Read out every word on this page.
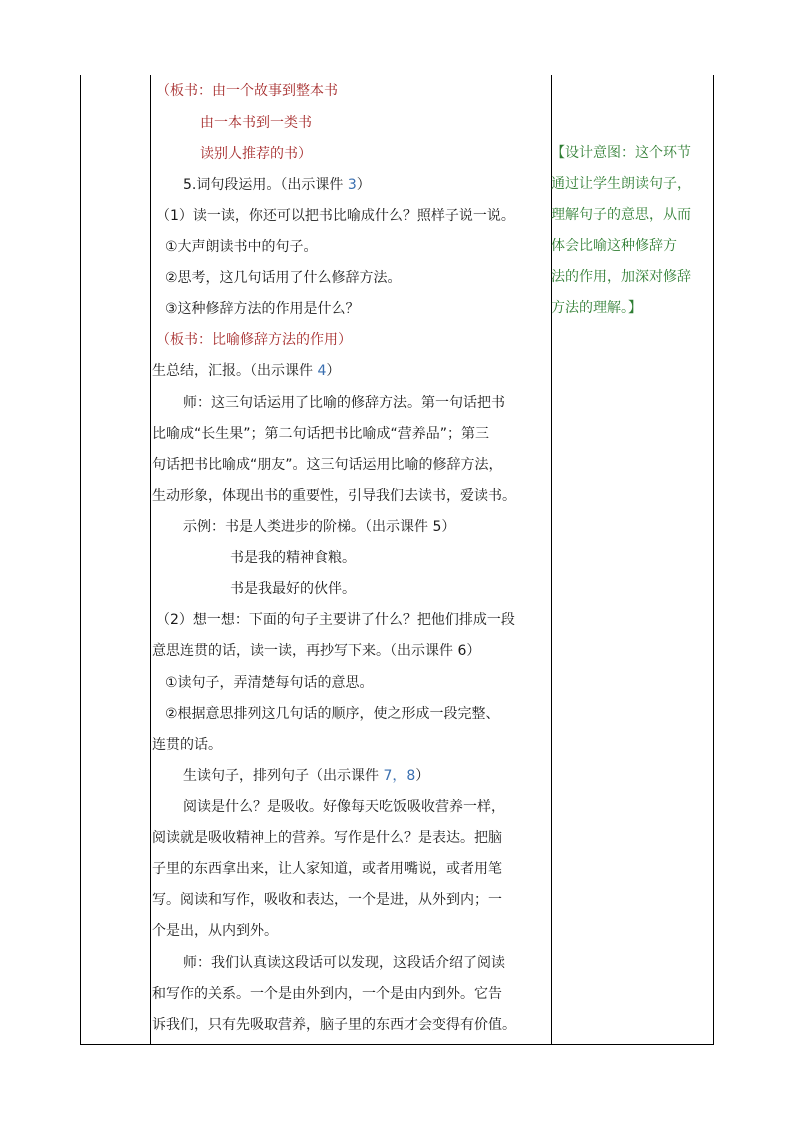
（板书：由一个故事到整本书
由一本书到一类书
读别人推荐的书）
5.词句段运用。（出示课件 3）
（1）读一读，你还可以把书比喻成什么？照样子说一说。
①大声朗读书中的句子。
②思考，这几句话用了什么修辞方法。
③这种修辞方法的作用是什么？
（板书：比喻修辞方法的作用）
生总结，汇报。（出示课件 4）
师：这三句话运用了比喻的修辞方法。第一句话把书
比喻成“长生果”；第二句话把书比喻成“营养品”；第三
句话把书比喻成“朋友”。这三句话运用比喻的修辞方法，
生动形象，体现出书的重要性，引导我们去读书，爱读书。
示例：书是人类进步的阶梯。（出示课件 5）
书是我的精神食粮。
书是我最好的伙伴。
（2）想一想：下面的句子主要讲了什么？把他们排成一段
意思连贯的话，读一读，再抄写下来。（出示课件 6）
①读句子，弄清楚每句话的意思。
②根据意思排列这几句话的顺序，使之形成一段完整、
连贯的话。
生读句子，排列句子（出示课件 7，8）
阅读是什么？是吸收。好像每天吃饭吸收营养一样，
阅读就是吸收精神上的营养。写作是什么？是表达。把脑
子里的东西拿出来，让人家知道，或者用嘴说，或者用笔
写。阅读和写作，吸收和表达，一个是进，从外到内；一
个是出，从内到外。
师：我们认真读这段话可以发现，这段话介绍了阅读
和写作的关系。一个是由外到内，一个是由内到外。它告
诉我们，只有先吸取营养，脑子里的东西才会变得有价值。
【设计意图：这个环节
通过让学生朗读句子，
理解句子的意思，从而
体会比喻这种修辞方
法的作用，加深对修辞
方法的理解。】
